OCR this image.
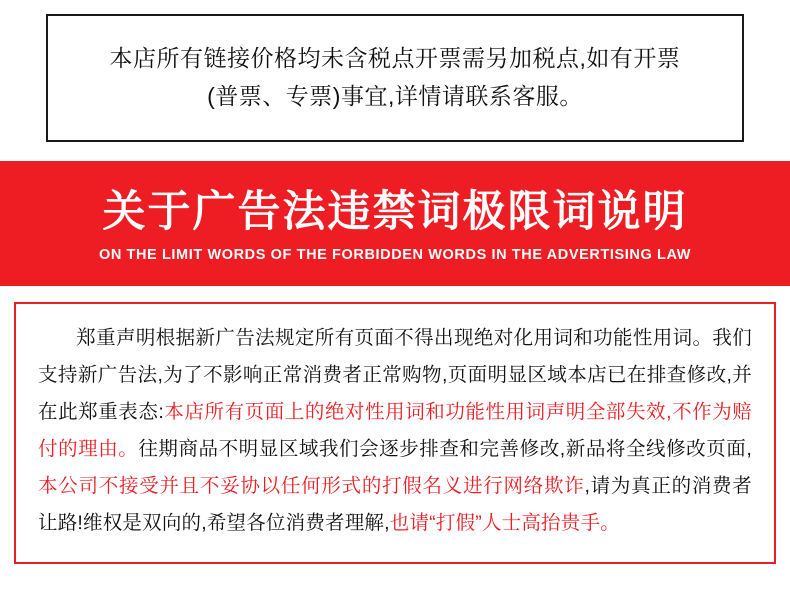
本店所有链接价格均未含税点开票需另加税点,如有开票
(普票、专票)事宜,详情请联系客服。
关于广告法违禁词极限词说明
ON THE LIMIT WORDS OF THE FORBIDDEN WORDS IN THE ADVERTISING LAW
郑重声明根据新广告法规定所有页面不得出现绝对化用词和功能性用词。我们支持新广告法,为了不影响正常消费者正常购物,页面明显区域本店已在排查修改,并在此郑重表态:本店所有页面上的绝对性用词和功能性用词声明全部失效,不作为赔付的理由。往期商品不明显区域我们会逐步排查和完善修改,新品将全线修改页面,本公司不接受并且不妥协以任何形式的打假名义进行网络欺诈,请为真正的消费者让路!维权是双向的,希望各位消费者理解,也请“打假”人士高抬贵手。
